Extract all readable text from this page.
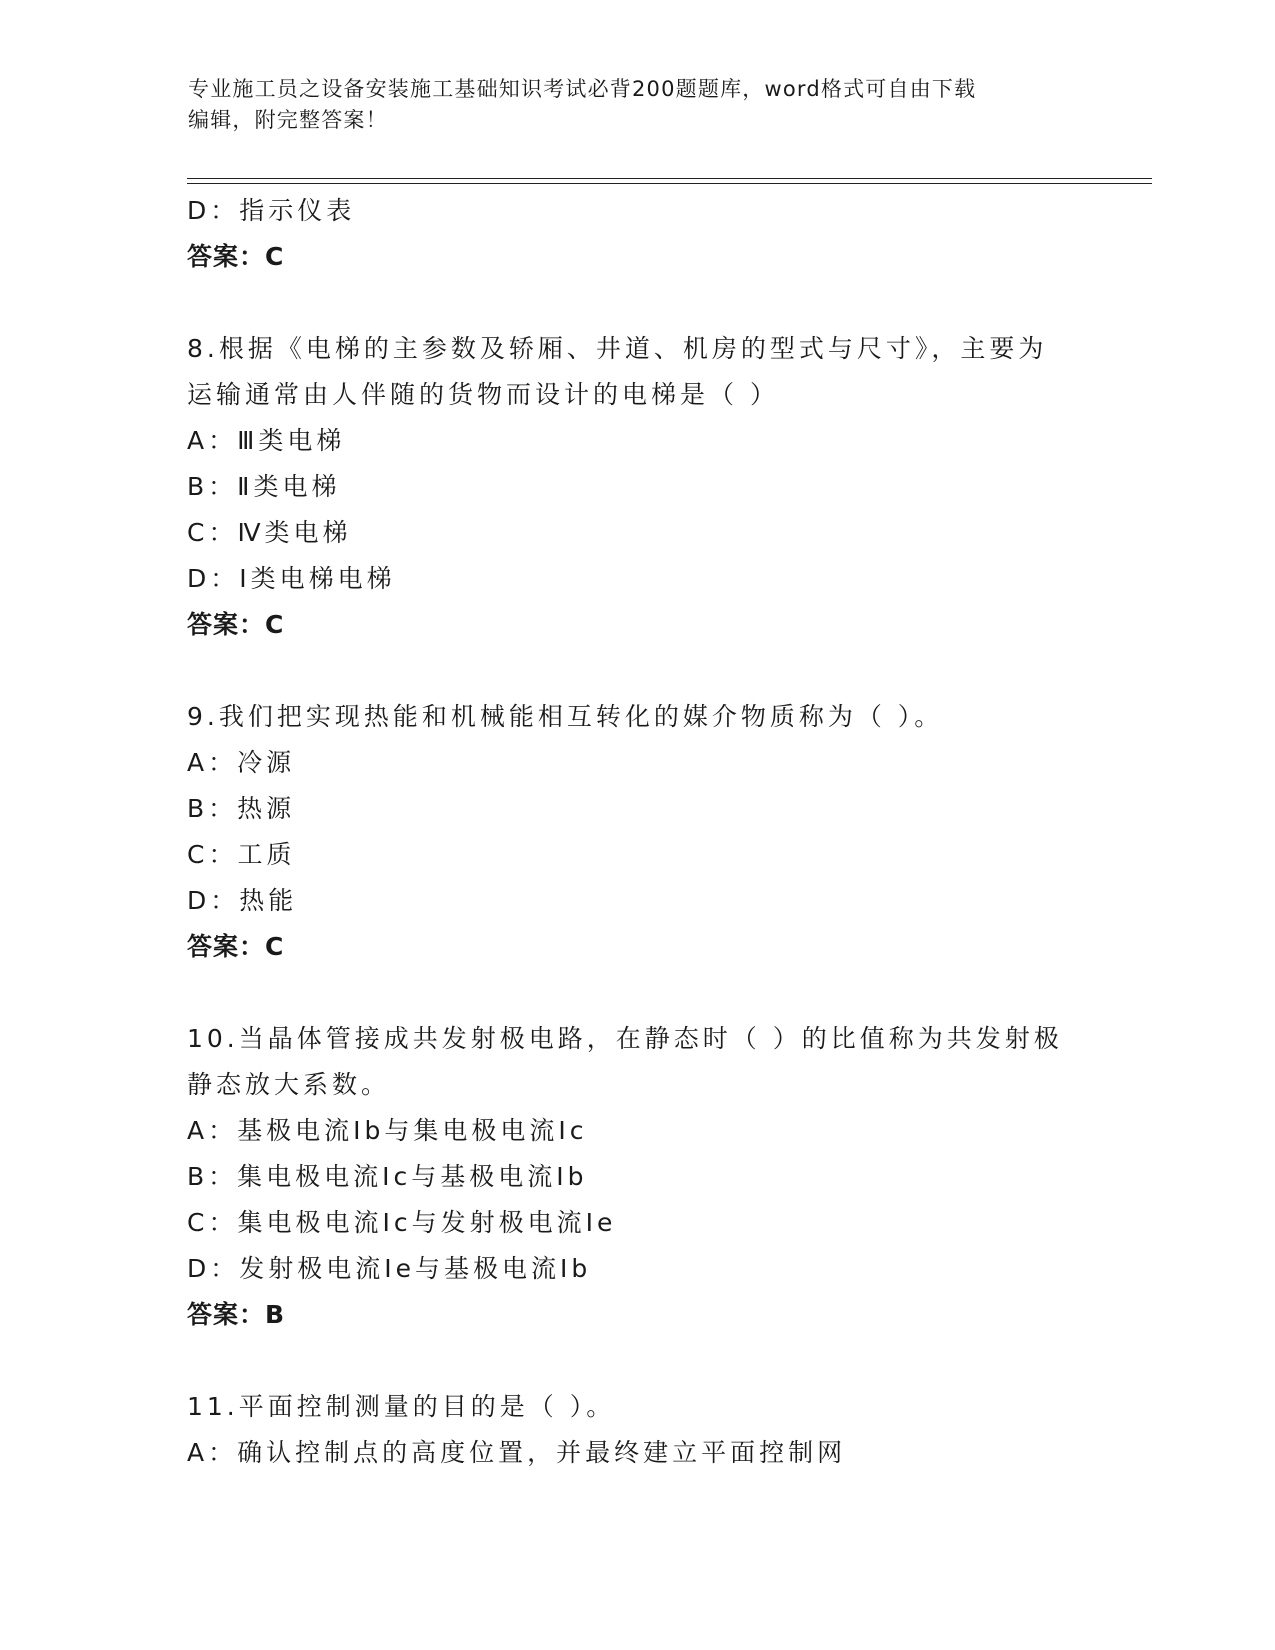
专业施工员之设备安装施工基础知识考试必背200题题库，word格式可自由下载
编辑，附完整答案！
D：指示仪表
答案：C
8.根据《电梯的主参数及轿厢、井道、机房的型式与尺寸》，主要为
运输通常由人伴随的货物而设计的电梯是（ ）
A：Ⅲ类电梯
B：Ⅱ类电梯
C：Ⅳ类电梯
D：Ⅰ类电梯电梯
答案：C
9.我们把实现热能和机械能相互转化的媒介物质称为（ ）。
A：冷源
B：热源
C：工质
D：热能
答案：C
10.当晶体管接成共发射极电路，在静态时（ ）的比值称为共发射极
静态放大系数。
A：基极电流Ib与集电极电流Ic
B：集电极电流Ic与基极电流Ib
C：集电极电流Ic与发射极电流Ie
D：发射极电流Ie与基极电流Ib
答案：B
11.平面控制测量的目的是（ ）。
A：确认控制点的高度位置，并最终建立平面控制网
